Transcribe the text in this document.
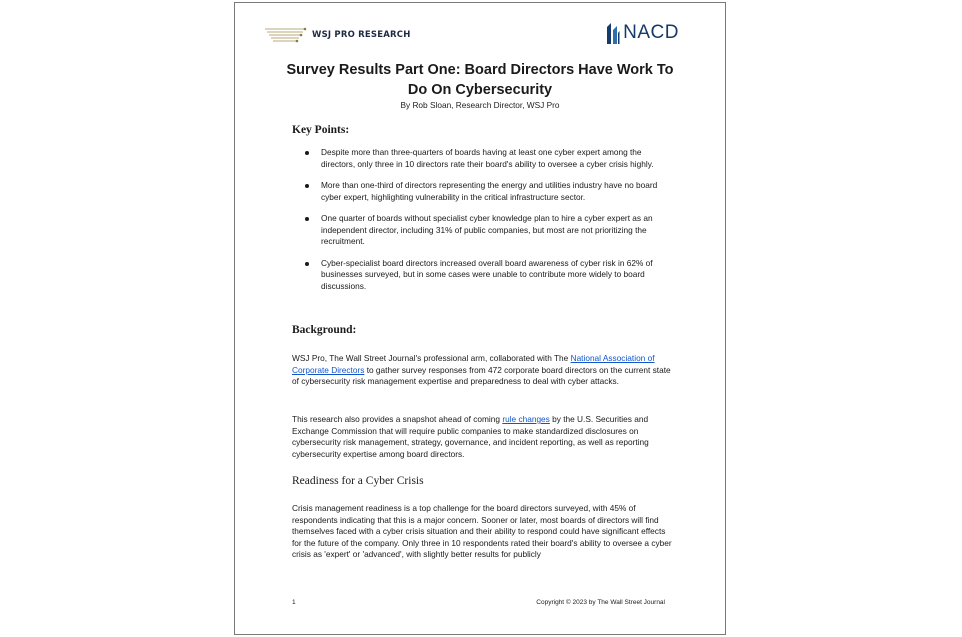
WSJ PRO RESEARCH	NACD
Survey Results Part One: Board Directors Have Work To Do On Cybersecurity
By Rob Sloan, Research Director, WSJ Pro
Key Points:
Despite more than three-quarters of boards having at least one cyber expert among the directors, only three in 10 directors rate their board's ability to oversee a cyber crisis highly.
More than one-third of directors representing the energy and utilities industry have no board cyber expert, highlighting vulnerability in the critical infrastructure sector.
One quarter of boards without specialist cyber knowledge plan to hire a cyber expert as an independent director, including 31% of public companies, but most are not prioritizing the recruitment.
Cyber-specialist board directors increased overall board awareness of cyber risk in 62% of businesses surveyed, but in some cases were unable to contribute more widely to board discussions.
Background:
WSJ Pro, The Wall Street Journal's professional arm, collaborated with The National Association of Corporate Directors to gather survey responses from 472 corporate board directors on the current state of cybersecurity risk management expertise and preparedness to deal with cyber attacks.
This research also provides a snapshot ahead of coming rule changes by the U.S. Securities and Exchange Commission that will require public companies to make standardized disclosures on cybersecurity risk management, strategy, governance, and incident reporting, as well as reporting cybersecurity expertise among board directors.
Readiness for a Cyber Crisis
Crisis management readiness is a top challenge for the board directors surveyed, with 45% of respondents indicating that this is a major concern. Sooner or later, most boards of directors will find themselves faced with a cyber crisis situation and their ability to respond could have significant effects for the future of the company. Only three in 10 respondents rated their board's ability to oversee a cyber crisis as 'expert' or 'advanced', with slightly better results for publicly
1	Copyright © 2023 by The Wall Street Journal
